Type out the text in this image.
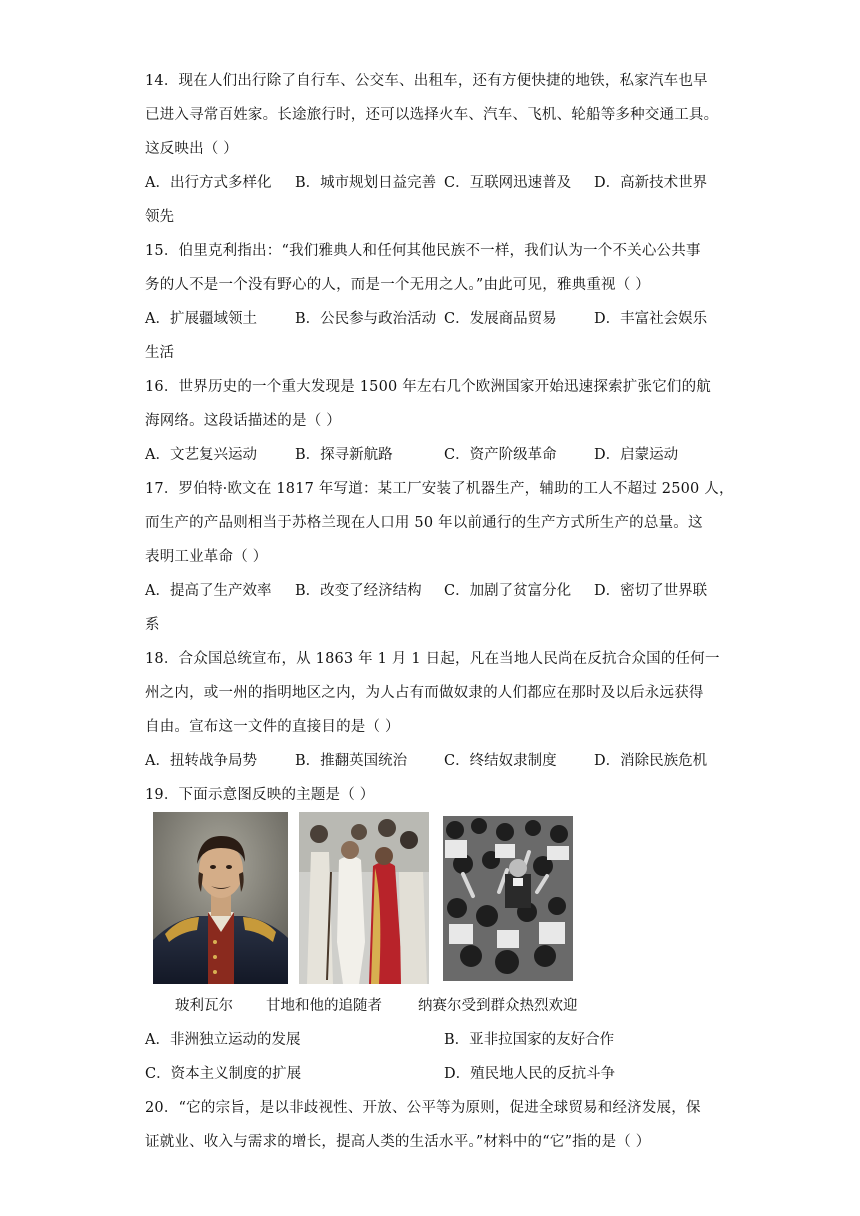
14．现在人们出行除了自行车、公交车、出租车，还有方便快捷的地铁，私家汽车也早
已进入寻常百姓家。长途旅行时，还可以选择火车、汽车、飞机、轮船等多种交通工具。
这反映出（ ）
A．出行方式多样化 B．城市规划日益完善 C．互联网迅速普及 D．高新技术世界
领先
15．伯里克利指出：“我们雅典人和任何其他民族不一样，我们认为一个不关心公共事
务的人不是一个没有野心的人，而是一个无用之人。”由此可见，雅典重视（ ）
A．扩展疆域领土	B．公民参与政治活动 C．发展商品贸易	D．丰富社会娱乐
生活
16．世界历史的一个重大发现是 1500 年左右几个欧洲国家开始迅速探索扩张它们的航
海网络。这段话描述的是（ ）
A．文艺复兴运动	B．探寻新航路	C．资产阶级革命	D．启蒙运动
17．罗伯特·欧文在 1817 年写道：某工厂安装了机器生产，辅助的工人不超过 2500 人，
而生产的产品则相当于苏格兰现在人口用 50 年以前通行的生产方式所生产的总量。这
表明工业革命（ ）
A．提高了生产效率 B．改变了经济结构 C．加剧了贫富分化 D．密切了世界联
系
18．合众国总统宣布，从 1863 年 1 月 1 日起，凡在当地人民尚在反抗合众国的任何一
州之内，或一州的指明地区之内，为人占有而做奴隶的人们都应在那时及以后永远获得
自由。宣布这一文件的直接目的是（ ）
A．扭转战争局势	B．推翻英国统治	C．终结奴隶制度	D．消除民族危机
19．下面示意图反映的主题是（ ）
玻利瓦尔 甘地和他的追随者 纳赛尔受到群众热烈欢迎
A．非洲独立运动的发展	B．亚非拉国家的友好合作
C．资本主义制度的扩展	D．殖民地人民的反抗斗争
20．“它的宗旨，是以非歧视性、开放、公平等为原则，促进全球贸易和经济发展，保
证就业、收入与需求的增长，提高人类的生活水平。”材料中的“它”指的是（ ）
